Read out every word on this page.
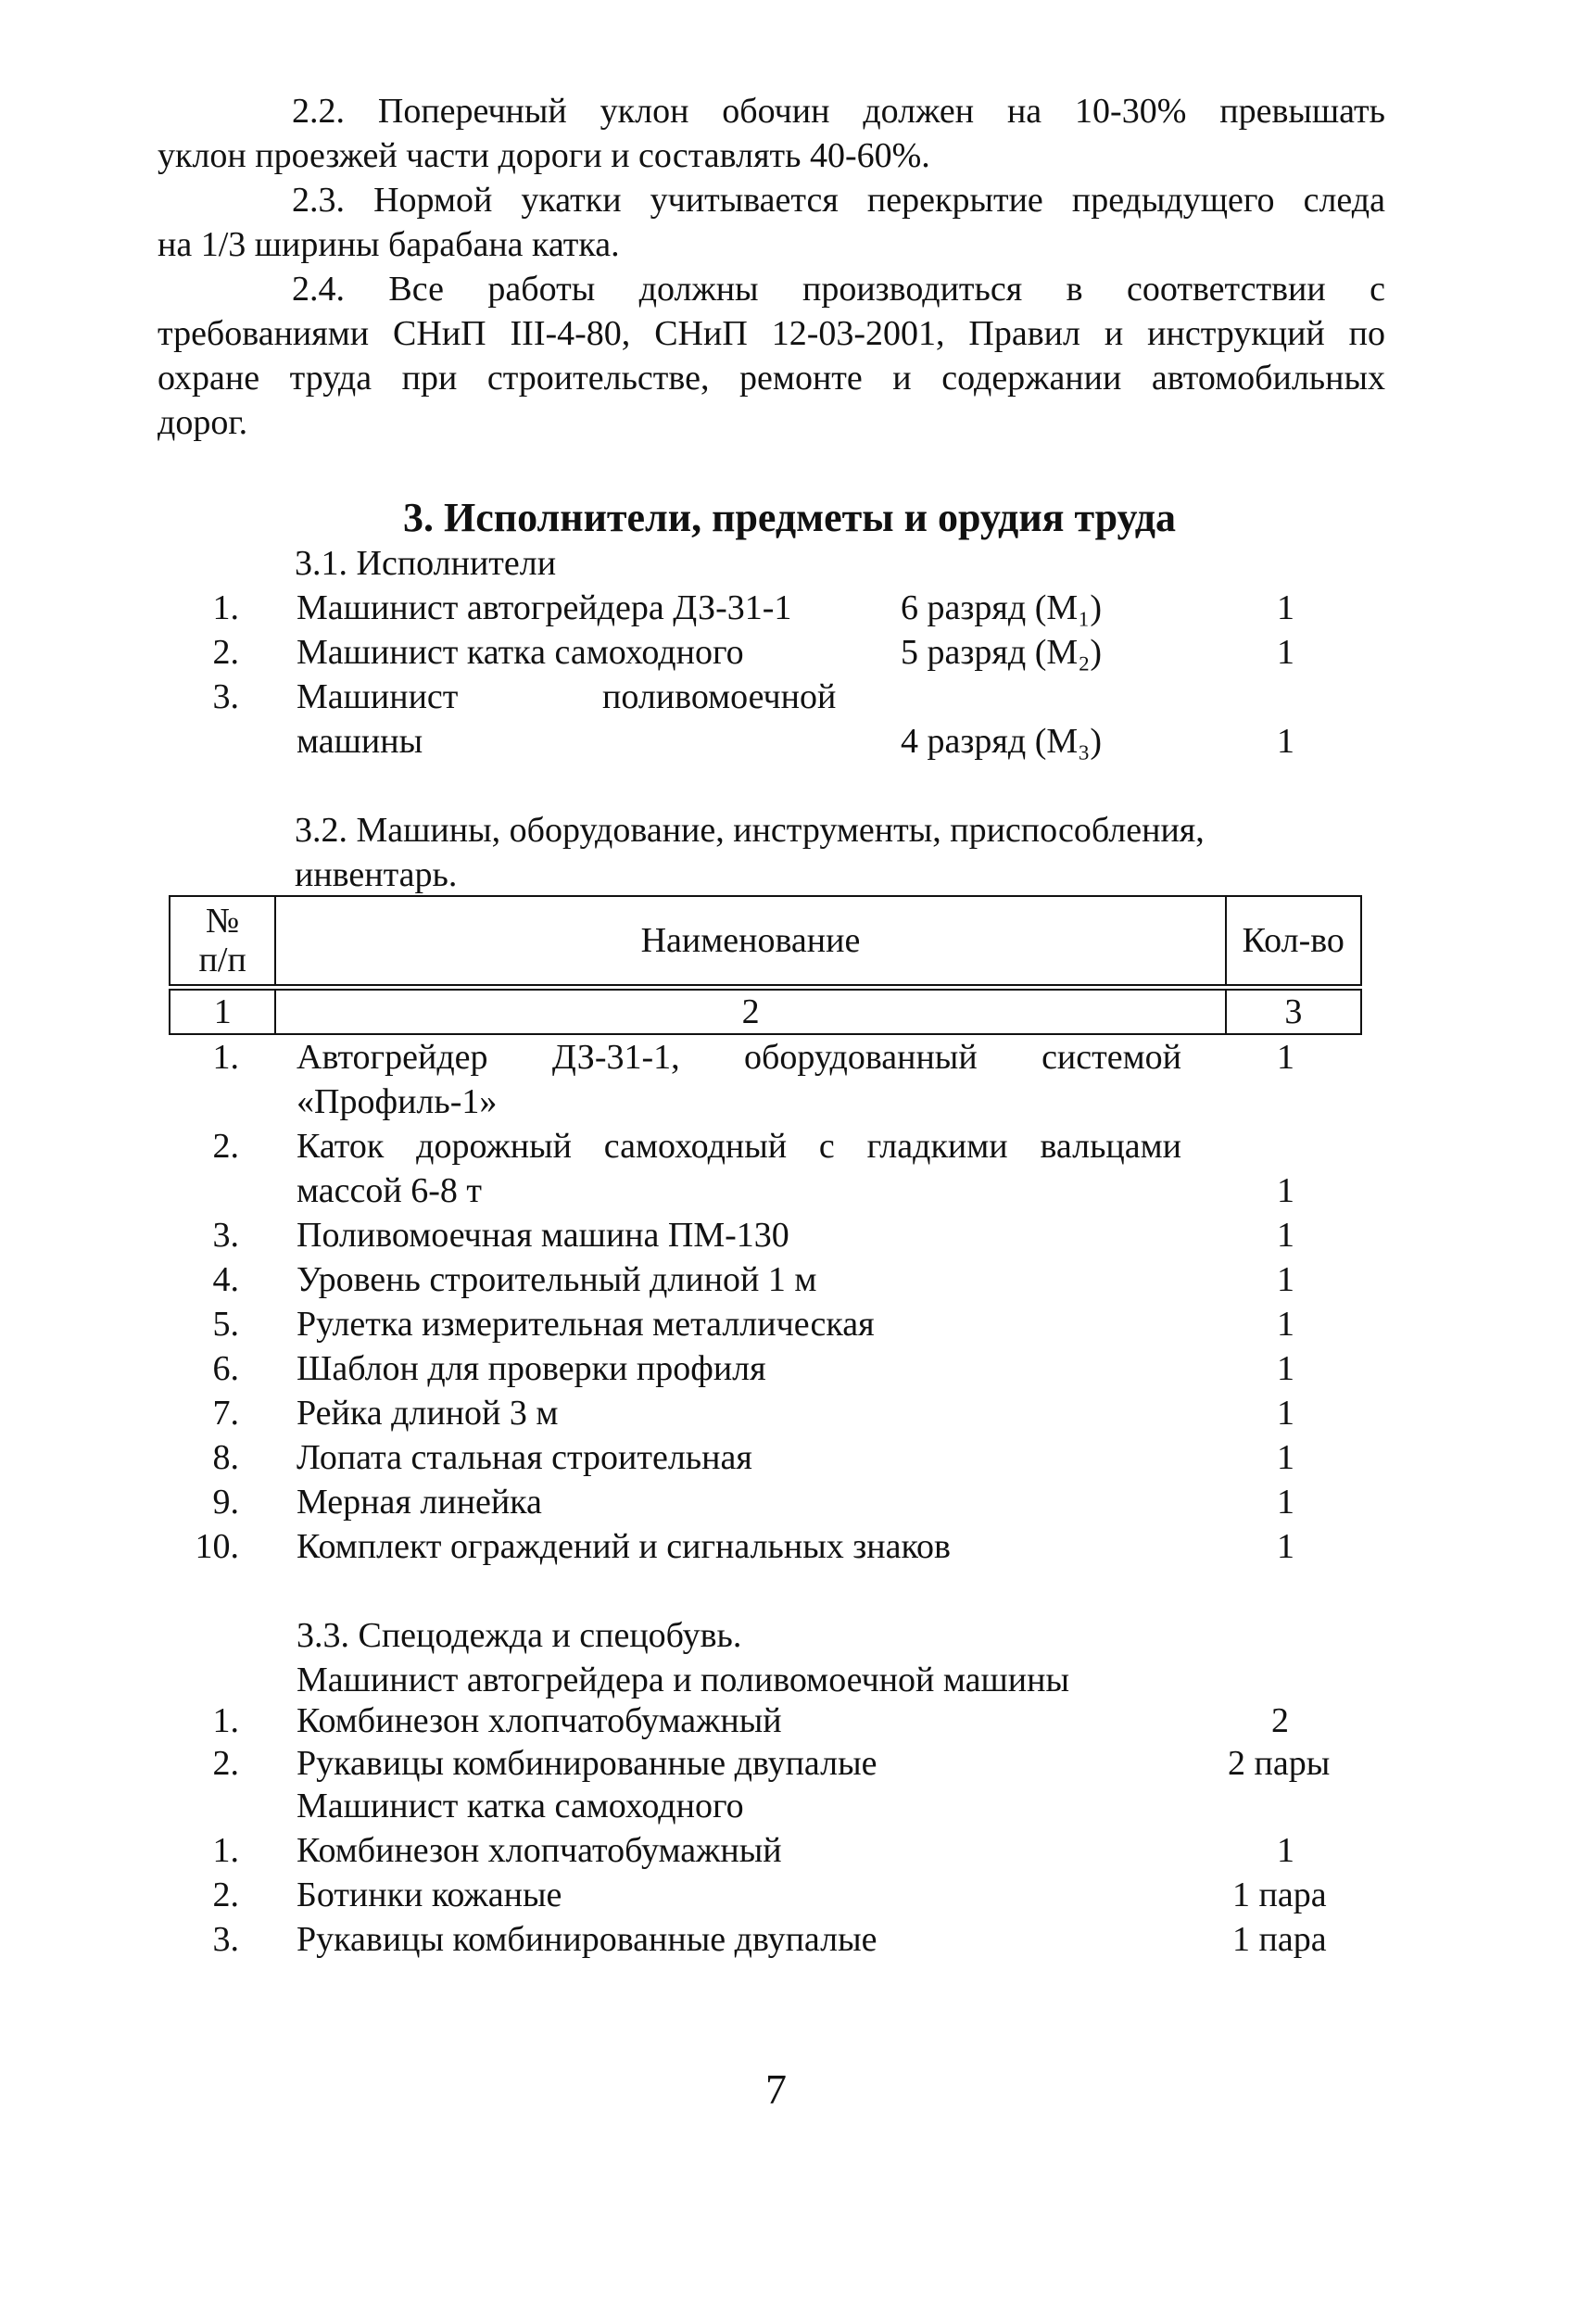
2.2. Поперечный уклон обочин должен на 10-30% превышать
уклон проезжей части дороги и составлять 40-60%.
2.3. Нормой укатки учитывается перекрытие предыдущего следа
на 1/3 ширины барабана катка.
2.4. Все работы должны производиться в соответствии с
требованиями СНиП III-4-80, СНиП 12-03-2001, Правил и инструкций по
охране труда при строительстве, ремонте и содержании автомобильных
дорог.
3. Исполнители, предметы и орудия труда
3.1. Исполнители
1. Машинист автогрейдера ДЗ-31-1	6 разряд (М₁)	1
2. Машинист катка самоходного	5 разряд (М₂)	1
3. Машинист	поливомоечной
машины	4 разряд (М₃)	1
3.2. Машины, оборудование, инструменты, приспособления,
инвентарь.
№
п/п	Наименование	Кол-во
1	2	3
1. Автогрейдер ДЗ-31-1, оборудованный системой
«Профиль-1»
1
2. Каток дорожный самоходный с гладкими вальцами
массой 6-8 т	1
3. Поливомоечная машина ПМ-130	1
4. Уровень строительный длиной 1 м	1
5. Рулетка измерительная металлическая	1
6. Шаблон для проверки профиля	1
7. Рейка длиной 3 м	1
8. Лопата стальная строительная	1
9. Мерная линейка	1
10. Комплект ограждений и сигнальных знаков	1
3.3. Спецодежда и спецобувь.
Машинист автогрейдера и поливомоечной машины
1. Комбинезон хлопчатобумажный	2
2. Рукавицы комбинированные двупалые	2 пары
Машинист катка самоходного
1. Комбинезон хлопчатобумажный	1
2. Ботинки кожаные	1 пара
3. Рукавицы комбинированные двупалые	1 пара
7
